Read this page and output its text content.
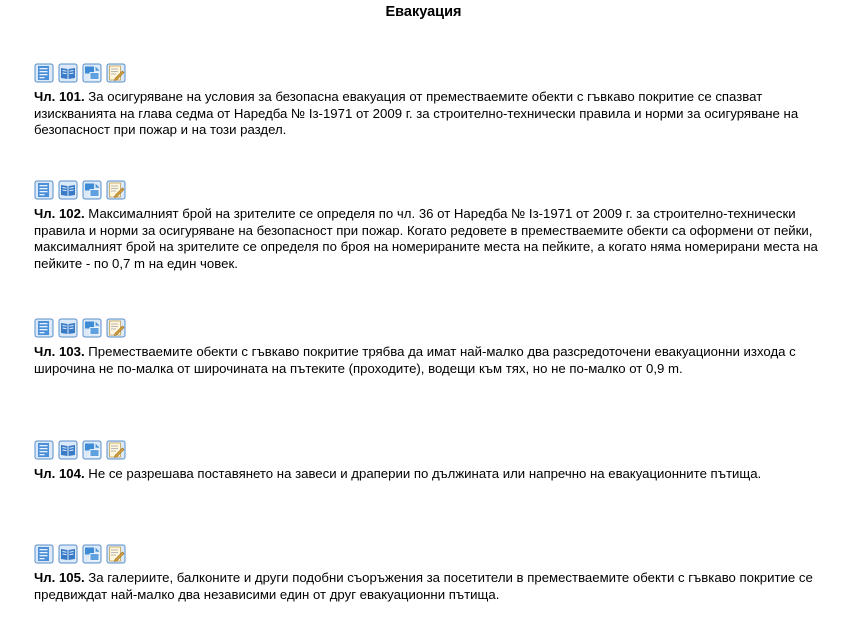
Евакуация

Чл. 101. За осигуряване на условия за безопасна евакуация от преместваемите обекти с гъвкаво покритие се спазват изискванията на глава седма от Наредба № Із-1971 от 2009 г. за строително-технически правила и норми за осигуряване на безопасност при пожар и на този раздел.

Чл. 102. Максималният брой на зрителите се определя по чл. 36 от Наредба № Із-1971 от 2009 г. за строително-технически правила и норми за осигуряване на безопасност при пожар. Когато редовете в преместваемите обекти са оформени от пейки, максималният брой на зрителите се определя по броя на номерираните места на пейките, а когато няма номерирани места на пейките - по 0,7 m на един човек.

Чл. 103. Преместваемите обекти с гъвкаво покритие трябва да имат най-малко два разсредоточени евакуационни изхода с широчина не по-малка от широчината на пътеките (проходите), водещи към тях, но не по-малко от 0,9 m.

Чл. 104. Не се разрешава поставянето на завеси и драперии по дължината или напречно на евакуационните пътища.

Чл. 105. За галериите, балконите и други подобни съоръжения за посетители в преместваемите обекти с гъвкаво покритие се предвиждат най-малко два независими един от друг евакуационни пътища.
